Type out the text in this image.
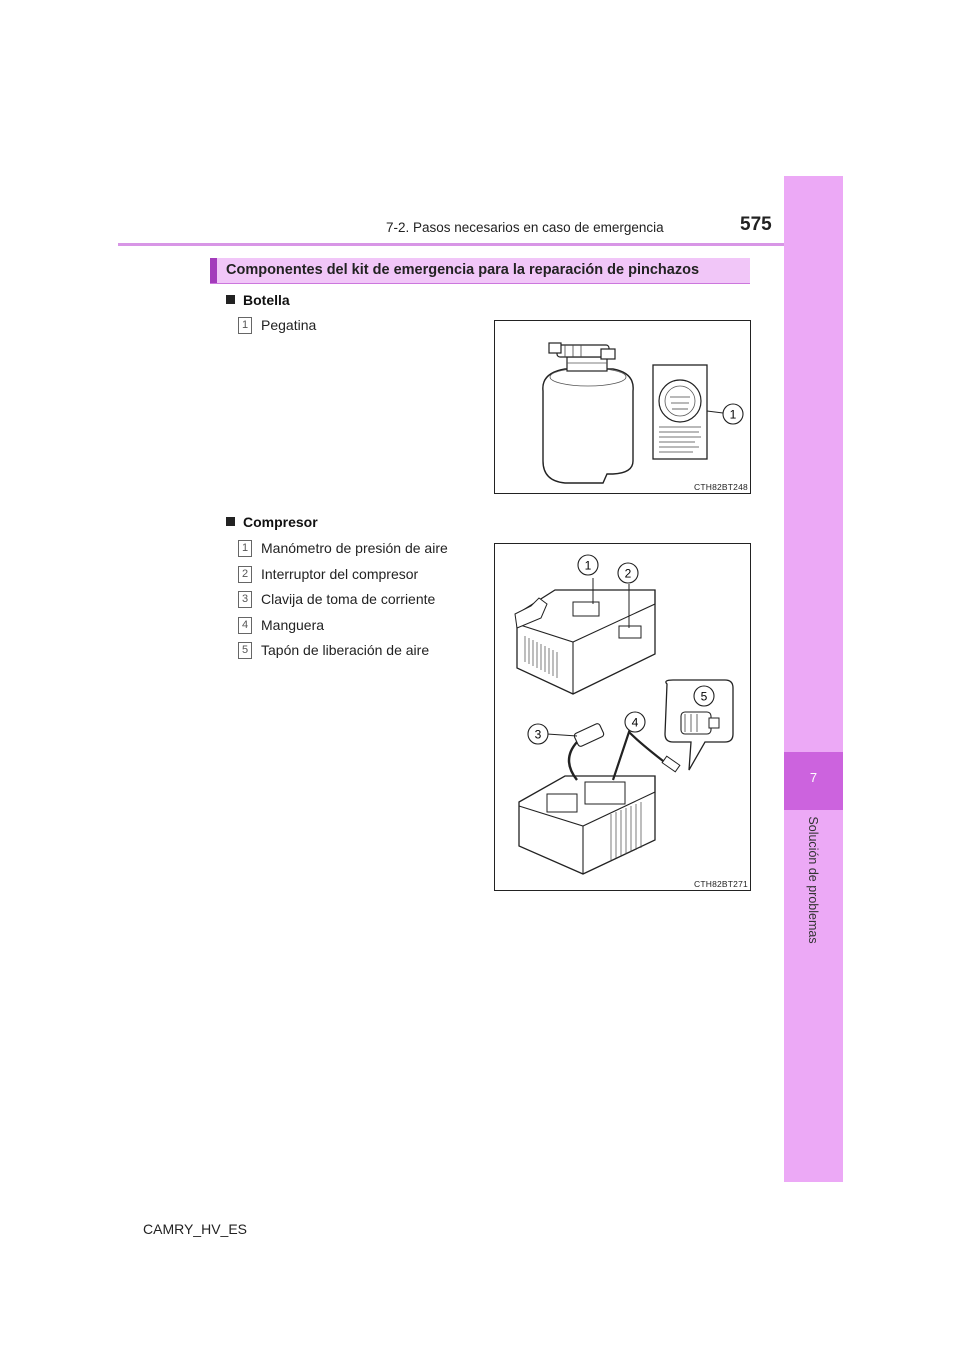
7-2. Pasos necesarios en caso de emergencia	575
7
Solución de problemas
Componentes del kit de emergencia para la reparación de pinchazos
Botella
1 Pegatina
1
CTH82BT248
Compresor
1 Manómetro de presión de aire
2 Interruptor del compresor
3 Clavija de toma de corriente
4 Manguera
5 Tapón de liberación de aire
1
2
3
4
5
CTH82BT271
CAMRY_HV_ES
